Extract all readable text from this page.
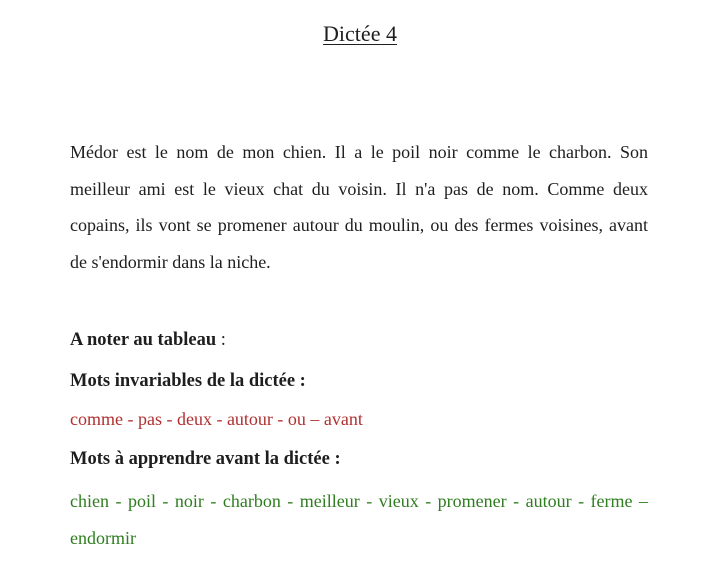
Dictée 4

Médor est le nom de mon chien. Il a le poil noir comme le charbon. Son meilleur ami est le vieux chat du voisin. Il n'a pas de nom. Comme deux copains, ils vont se promener autour du moulin, ou des fermes voisines, avant de s'endormir dans la niche.

A noter au tableau :

Mots invariables de la dictée :

comme - pas - deux - autour - ou – avant

Mots à apprendre avant la dictée :

chien - poil - noir - charbon - meilleur - vieux - promener - autour - ferme – endormir
